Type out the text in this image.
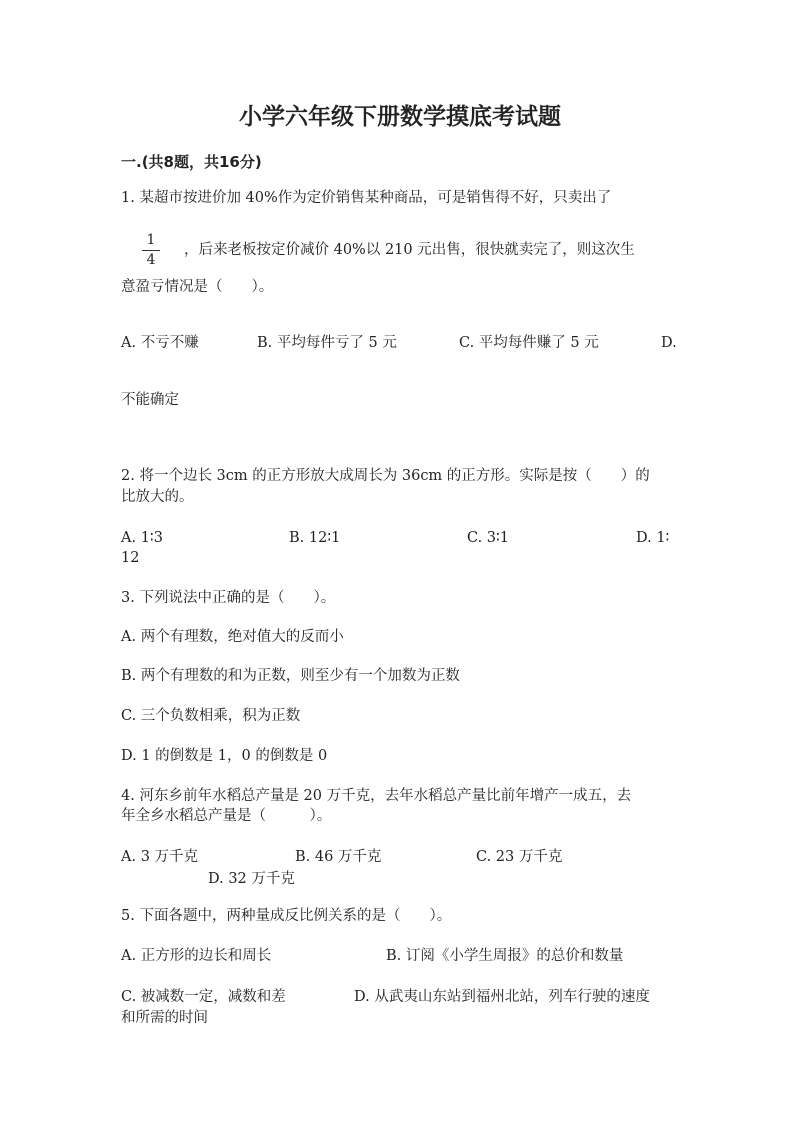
小学六年级下册数学摸底考试题
一.(共8题，共16分)
1. 某超市按进价加 40%作为定价销售某种商品，可是销售得不好，只卖出了
1
4
，后来老板按定价减价 40%以 210 元出售，很快就卖完了，则这次生
意盈亏情况是（　　）。
A. 不亏不赚	B. 平均每件亏了 5 元	C. 平均每件赚了 5 元	D.
不能确定
2. 将一个边长 3cm 的正方形放大成周长为 36cm 的正方形。实际是按（　　）的
比放大的。
A. 1∶3	B. 12∶1	C. 3∶1	D. 1∶
12
3. 下列说法中正确的是（　　）。
A. 两个有理数，绝对值大的反而小
B. 两个有理数的和为正数，则至少有一个加数为正数
C. 三个负数相乘，积为正数
D. 1 的倒数是 1，0 的倒数是 0
4. 河东乡前年水稻总产量是 20 万千克，去年水稻总产量比前年增产一成五，去
年全乡水稻总产量是（　　　）。
A. 3 万千克	B. 46 万千克	C. 23 万千克
D. 32 万千克
5. 下面各题中，两种量成反比例关系的是（　　）。
A. 正方形的边长和周长	B. 订阅《小学生周报》的总价和数量
C. 被减数一定，减数和差	D. 从武夷山东站到福州北站，列车行驶的速度
和所需的时间
